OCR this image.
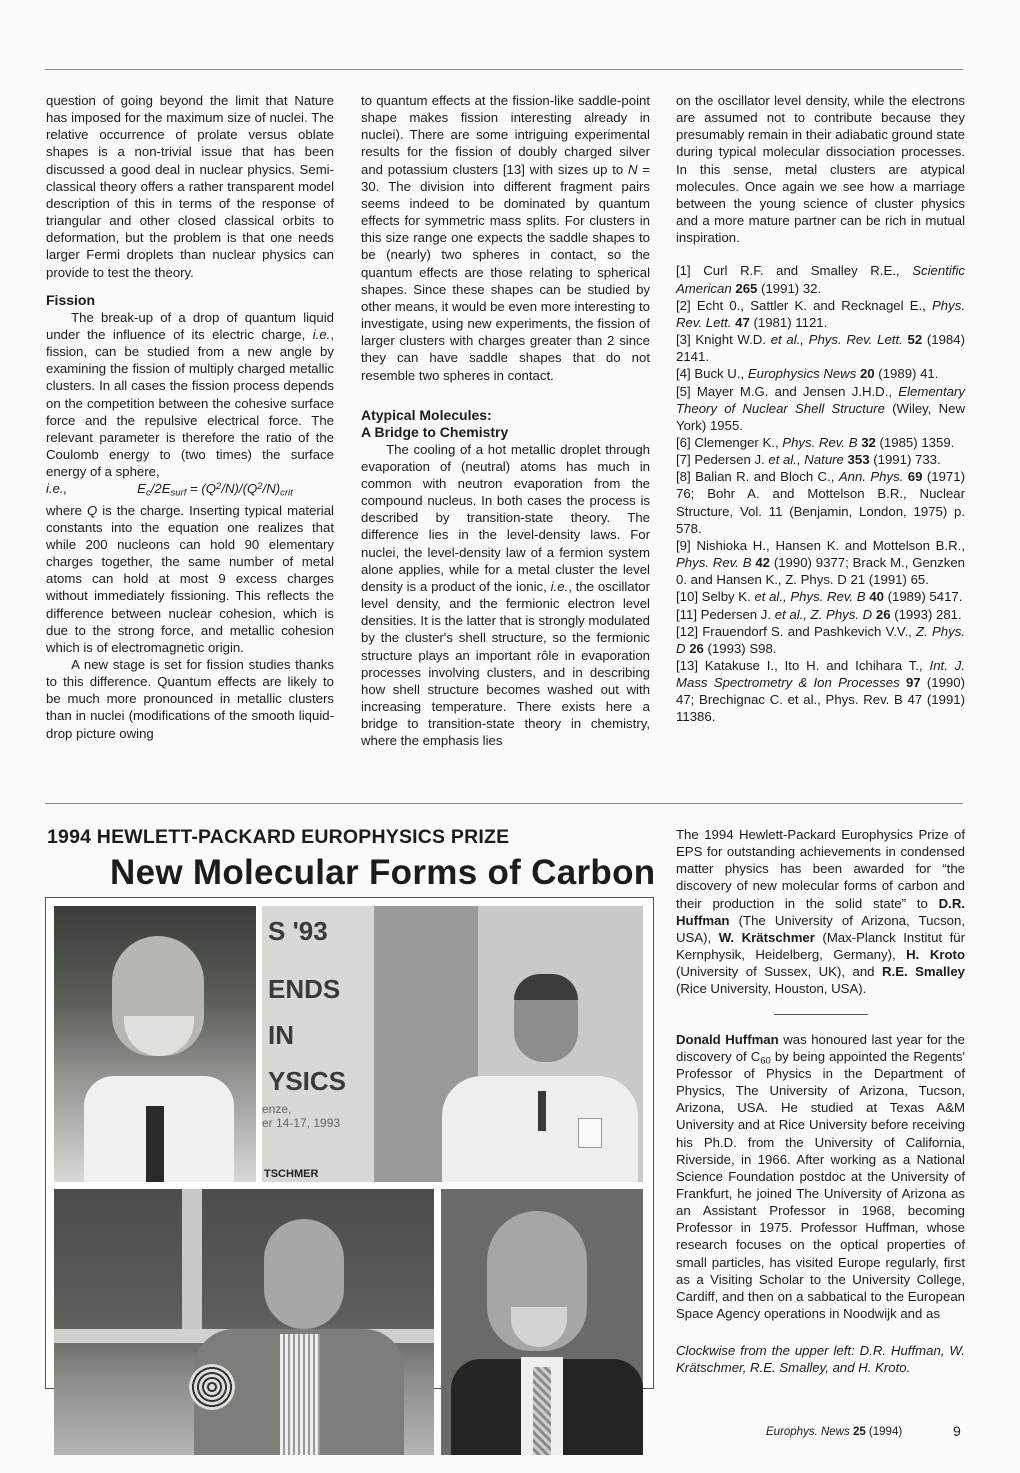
question of going beyond the limit that Nature has imposed for the maximum size of nuclei. The relative occurrence of prolate versus oblate shapes is a non-trivial issue that has been discussed a good deal in nuclear physics. Semi-classical theory offers a rather transparent model description of this in terms of the response of triangular and other closed classical orbits to deformation, but the problem is that one needs larger Fermi droplets than nuclear physics can provide to test the theory.

Fission

The break-up of a drop of quantum liquid under the influence of its electric charge, i.e., fission, can be studied from a new angle by examining the fission of multiply charged metallic clusters. In all cases the fission process depends on the competition between the cohesive surface force and the repulsive electrical force. The relevant parameter is therefore the ratio of the Coulomb energy to (two times) the surface energy of a sphere,

i.e.,	$E_c/2E_{surf} = (Q^2/N)/(Q^2/N)_{crit}$

where Q is the charge. Inserting typical material constants into the equation one realizes that while 200 nucleons can hold 90 elementary charges together, the same number of metal atoms can hold at most 9 excess charges without immediately fissioning. This reflects the difference between nuclear cohesion, which is due to the strong force, and metallic cohesion which is of electromagnetic origin.

A new stage is set for fission studies thanks to this difference. Quantum effects are likely to be much more pronounced in metallic clusters than in nuclei (modifications of the smooth liquid-drop picture owing

to quantum effects at the fission-like saddle-point shape makes fission interesting already in nuclei). There are some intriguing experimental results for the fission of doubly charged silver and potassium clusters [13] with sizes up to N = 30. The division into different fragment pairs seems indeed to be dominated by quantum effects for symmetric mass splits. For clusters in this size range one expects the saddle shapes to be (nearly) two spheres in contact, so the quantum effects are those relating to spherical shapes. Since these shapes can be studied by other means, it would be even more interesting to investigate, using new experiments, the fission of larger clusters with charges greater than 2 since they can have saddle shapes that do not resemble two spheres in contact.

Atypical Molecules:

A Bridge to Chemistry

The cooling of a hot metallic droplet through evaporation of (neutral) atoms has much in common with neutron evaporation from the compound nucleus. In both cases the process is described by transition-state theory. The difference lies in the level-density laws. For nuclei, the level-density law of a fermion system alone applies, while for a metal cluster the level density is a product of the ionic, i.e., the oscillator level density, and the fermionic electron level densities. It is the latter that is strongly modulated by the cluster's shell structure, so the fermionic structure plays an important rôle in evaporation processes involving clusters, and in describing how shell structure becomes washed out with increasing temperature. There exists here a bridge to transition-state theory in chemistry, where the emphasis lies

on the oscillator level density, while the electrons are assumed not to contribute because they presumably remain in their adiabatic ground state during typical molecular dissociation processes. In this sense, metal clusters are atypical molecules. Once again we see how a marriage between the young science of cluster physics and a more mature partner can be rich in mutual inspiration.

[1] Curl R.F. and Smalley R.E., Scientific American 265 (1991) 32.

[2] Echt 0., Sattler K. and Recknagel E., Phys. Rev. Lett. 47 (1981) 1121.

[3] Knight W.D. et al., Phys. Rev. Lett. 52 (1984) 2141.

[4] Buck U., Europhysics News 20 (1989) 41.

[5] Mayer M.G. and Jensen J.H.D., Elementary Theory of Nuclear Shell Structure (Wiley, New York) 1955.

[6] Clemenger K., Phys. Rev. B 32 (1985) 1359.

[7] Pedersen J. et al., Nature 353 (1991) 733.

[8] Balian R. and Bloch C., Ann. Phys. 69 (1971) 76; Bohr A. and Mottelson B.R., Nuclear Structure, Vol. 11 (Benjamin, London, 1975) p. 578.

[9] Nishioka H., Hansen K. and Mottelson B.R., Phys. Rev. B 42 (1990) 9377; Brack M., Genzken 0. and Hansen K., Z. Phys. D 21 (1991) 65.

[10] Selby K. et al., Phys. Rev. B 40 (1989) 5417.

[11] Pedersen J. et al., Z. Phys. D 26 (1993) 281.

[12] Frauendorf S. and Pashkevich V.V., Z. Phys. D 26 (1993) S98.

[13] Katakuse I., Ito H. and Ichihara T., Int. J. Mass Spectrometry & Ion Processes 97 (1990) 47; Brechignac C. et al., Phys. Rev. B 47 (1991) 11386.

1994 HEWLETT-PACKARD EUROPHYSICS PRIZE
New Molecular Forms of Carbon
S '93
ENDS
IN
YSICS
enze,
er 14-17, 1993
TSCHMER

The 1994 Hewlett-Packard Europhysics Prize of EPS for outstanding achievements in condensed matter physics has been awarded for “the discovery of new molecular forms of carbon and their production in the solid state” to D.R. Huffman (The University of Arizona, Tucson, USA), W. Krätschmer (Max-Planck Institut für Kernphysik, Heidelberg, Germany), H. Kroto (University of Sussex, UK), and R.E. Smalley (Rice University, Houston, USA).

Donald Huffman was honoured last year for the discovery of $C_{60}$ by being appointed the Regents' Professor of Physics in the Department of Physics, The University of Arizona, Tucson, Arizona, USA. He studied at Texas A&M University and at Rice University before receiving his Ph.D. from the University of California, Riverside, in 1966. After working as a National Science Foundation postdoc at the University of Frankfurt, he joined The University of Arizona as an Assistant Professor in 1968, becoming Professor in 1975. Professor Huffman, whose research focuses on the optical properties of small particles, has visited Europe regularly, first as a Visiting Scholar to the University College, Cardiff, and then on a sabbatical to the European Space Agency operations in Noodwijk and as

Clockwise from the upper left: D.R. Huffman, W. Krätschmer, R.E. Smalley, and H. Kroto.

Europhys. News 25 (1994)	9
